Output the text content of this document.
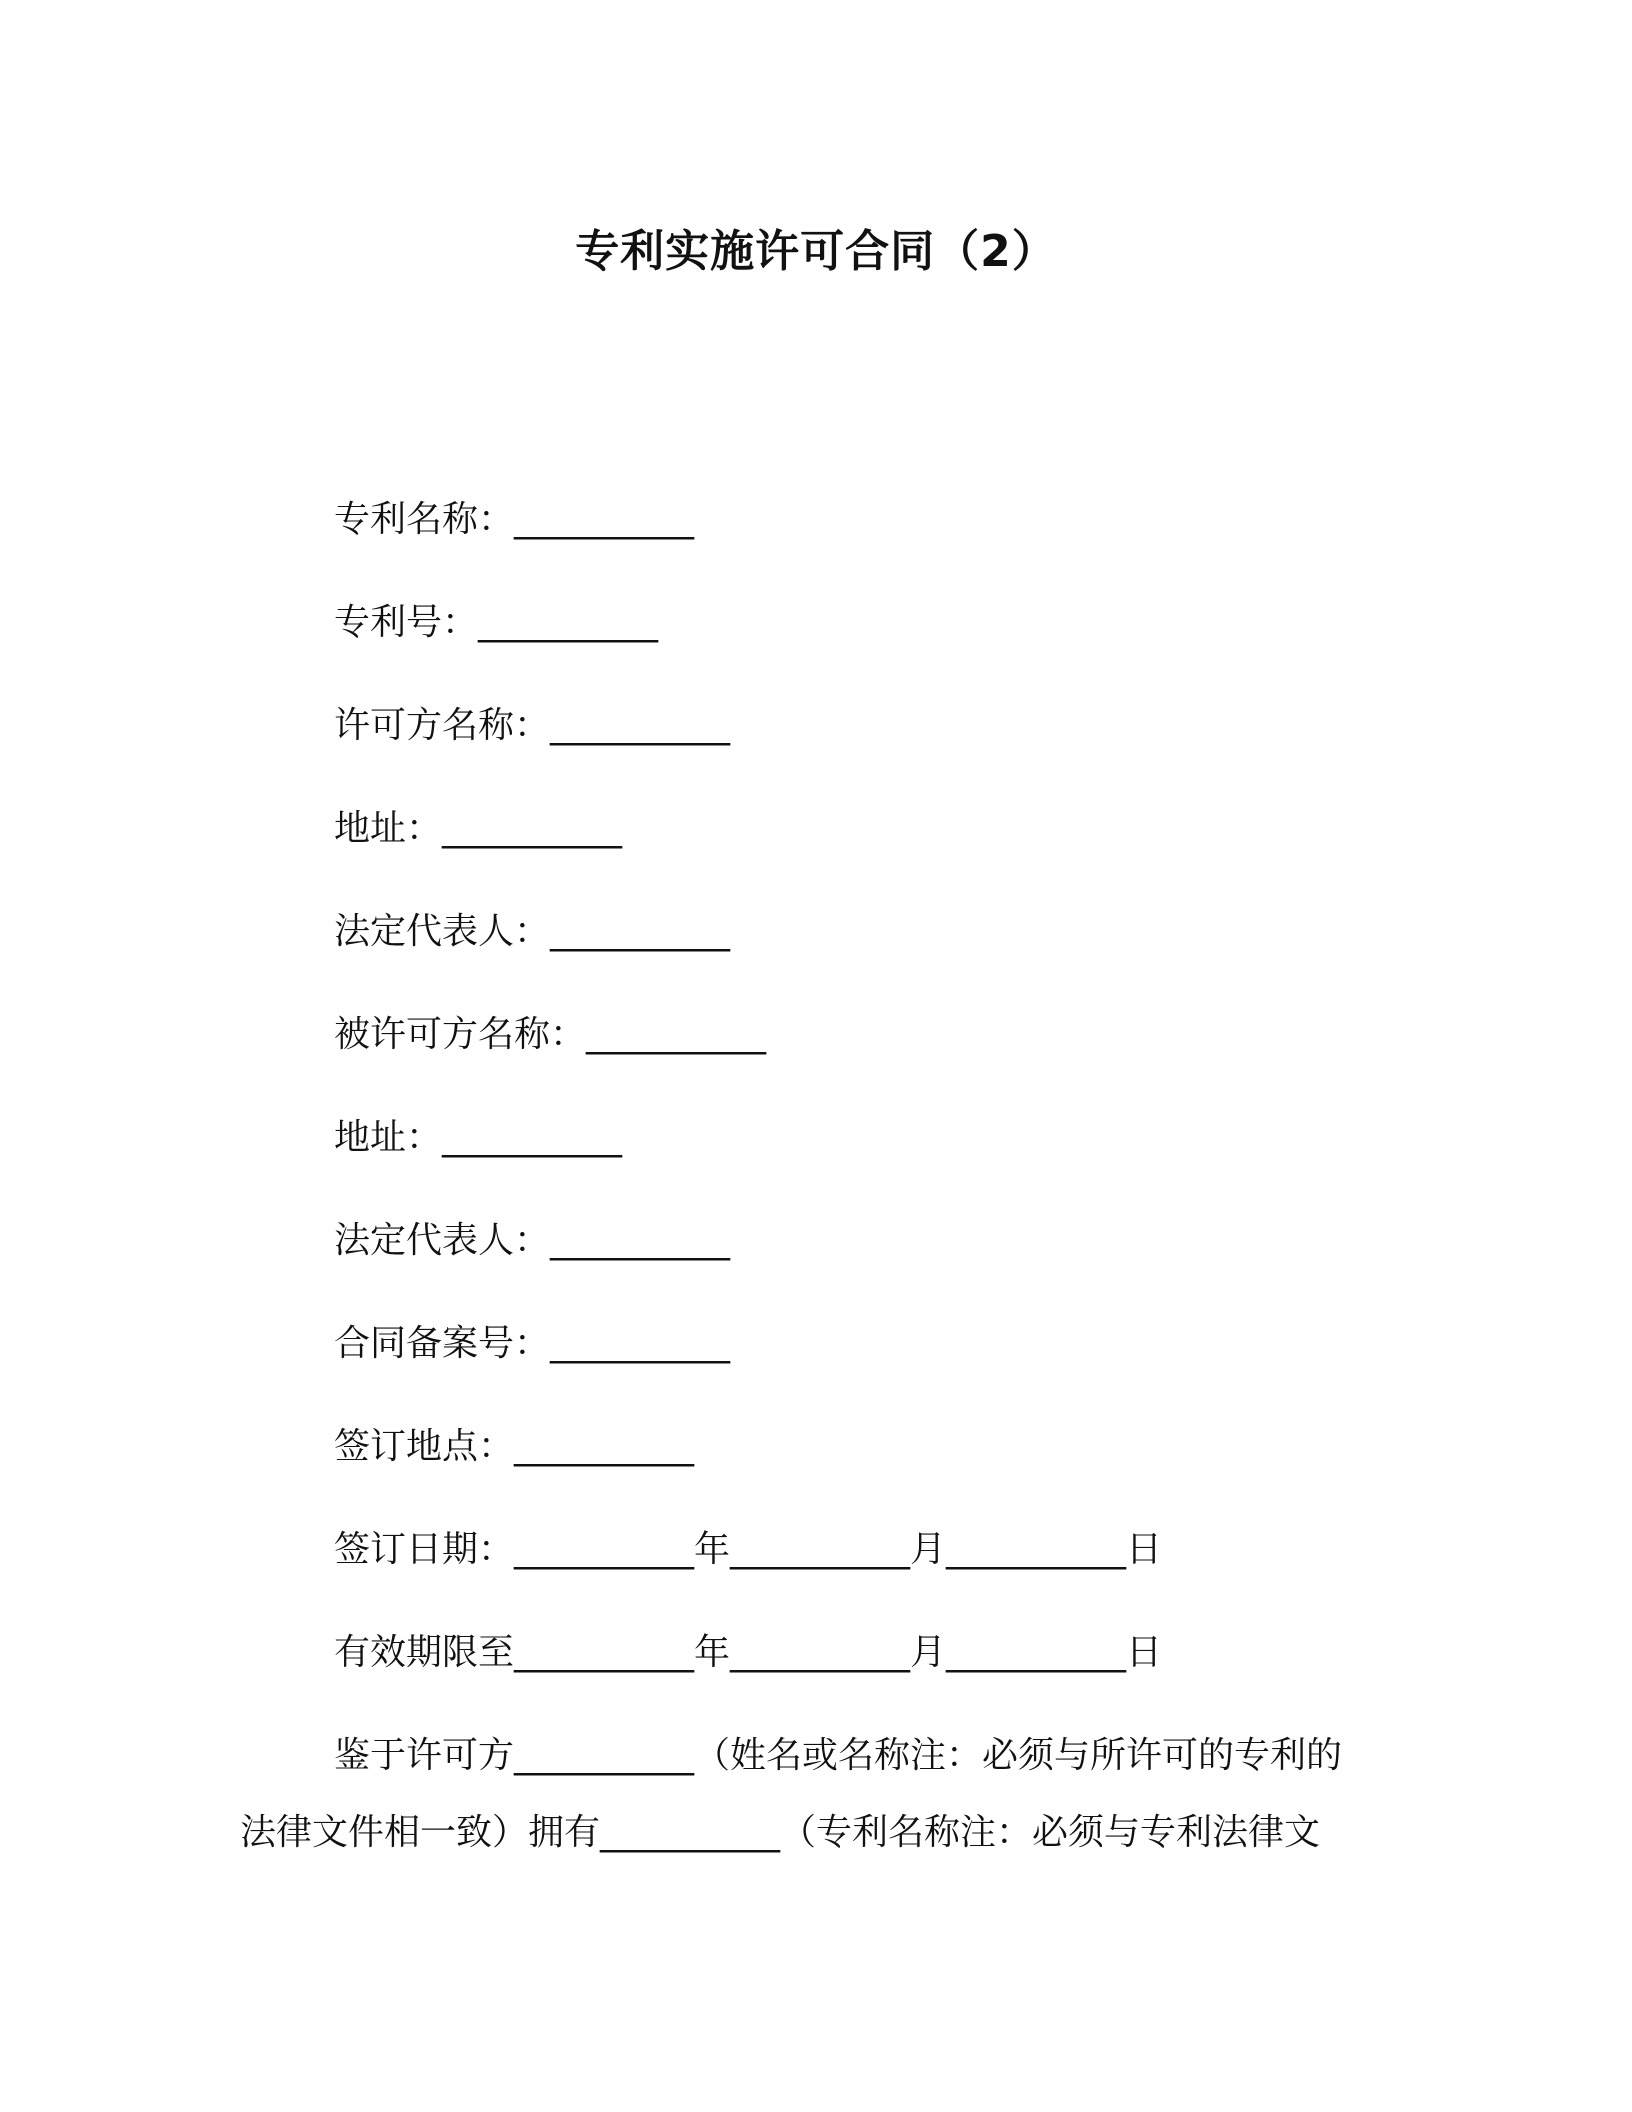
专利实施许可合同（2）
专利名称：__________
专利号：__________
许可方名称：__________
地址：__________
法定代表人：__________
被许可方名称：__________
地址：__________
法定代表人：__________
合同备案号：__________
签订地点：__________
签订日期：__________年__________月__________日
有效期限至__________年__________月__________日
鉴于许可方__________（姓名或名称注：必须与所许可的专利的
法律文件相一致）拥有__________（专利名称注：必须与专利法律文
